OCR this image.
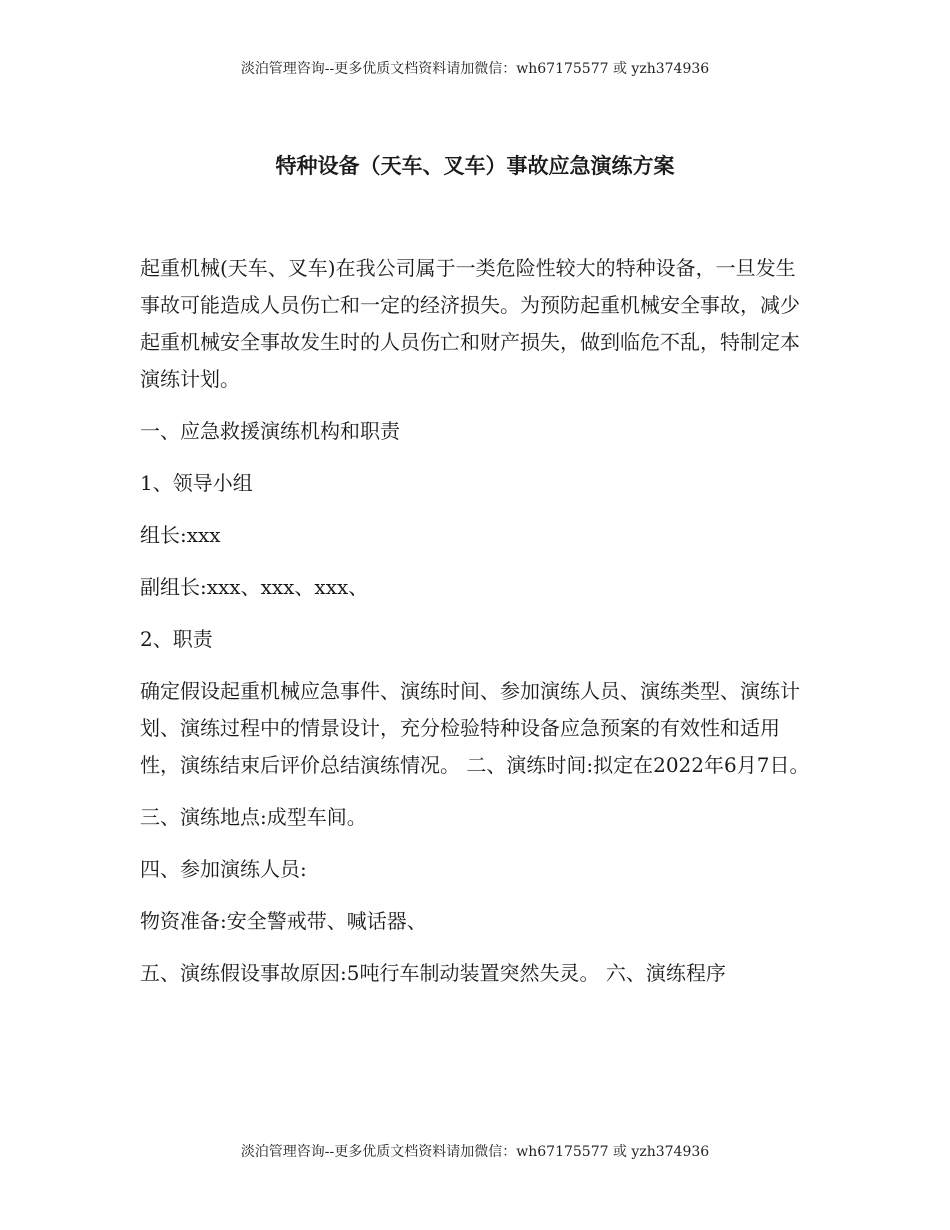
淡泊管理咨询--更多优质文档资料请加微信：wh67175577 或 yzh374936
特种设备（天车、叉车）事故应急演练方案

起重机械(天车、叉车)在我公司属于一类危险性较大的特种设备，一旦发生事故可能造成人员伤亡和一定的经济损失。为预防起重机械安全事故，减少起重机械安全事故发生时的人员伤亡和财产损失，做到临危不乱，特制定本演练计划。

一、应急救援演练机构和职责

1、领导小组

组长:xxx

副组长:xxx、xxx、xxx、

2、职责

确定假设起重机械应急事件、演练时间、参加演练人员、演练类型、演练计划、演练过程中的情景设计，充分检验特种设备应急预案的有效性和适用性，演练结束后评价总结演练情况。 二、演练时间:拟定在2022年6月7日。

三、演练地点:成型车间。

四、参加演练人员:

物资准备:安全警戒带、喊话器、

五、演练假设事故原因:5吨行车制动装置突然失灵。 六、演练程序

淡泊管理咨询--更多优质文档资料请加微信：wh67175577 或 yzh374936
